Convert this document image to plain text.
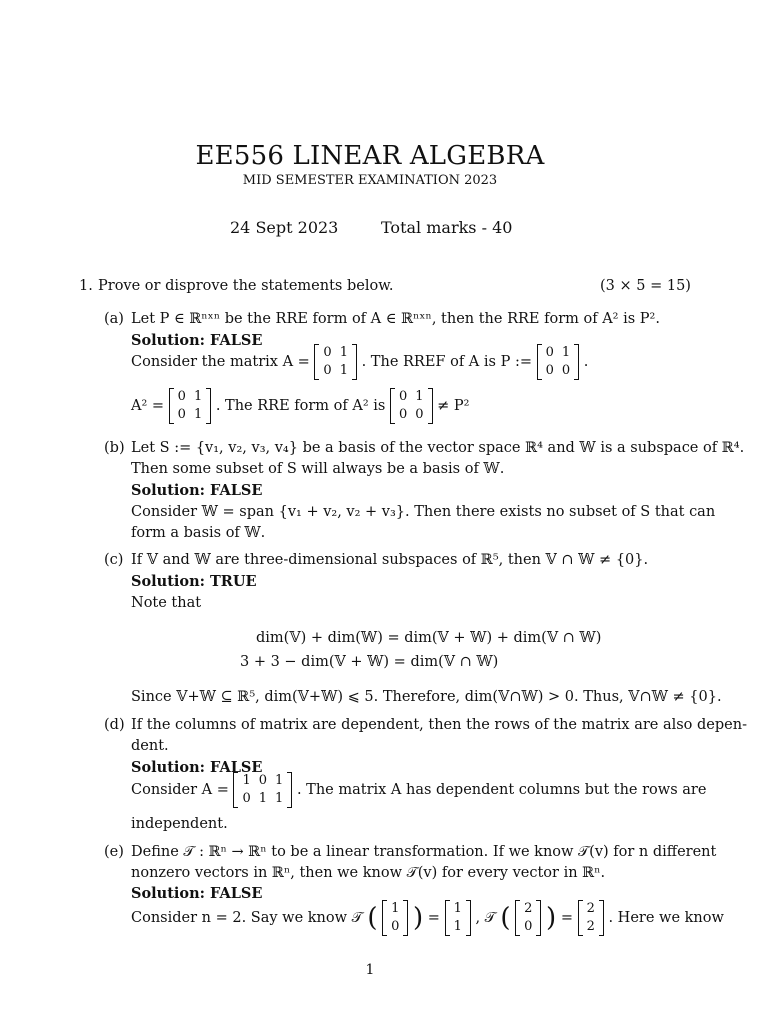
EE556 LINEAR ALGEBRA
MID SEMESTER EXAMINATION 2023
24 Sept 2023	Total marks - 40
1. Prove or disprove the statements below.	(3 × 5 = 15)
(a) Let P ∈ ℝⁿˣⁿ be the RRE form of A ∈ ℝⁿˣⁿ, then the RRE form of A² is P².
Solution: FALSE
Consider the matrix A =
0	1
0	1
. The RREF of A is P :=
0	1
0	0
.
A² =
0	1
0	1
. The RRE form of A² is
0	1
0	0
≠ P²
(b) Let S := {v₁, v₂, v₃, v₄} be a basis of the vector space ℝ⁴ and 𝕎 is a subspace of ℝ⁴.
Then some subset of S will always be a basis of 𝕎.
Solution: FALSE
Consider 𝕎 = span {v₁ + v₂, v₂ + v₃}. Then there exists no subset of S that can
form a basis of 𝕎.
(c) If 𝕍 and 𝕎 are three-dimensional subspaces of ℝ⁵, then 𝕍 ∩ 𝕎 ≠ {0}.
Solution: TRUE
Note that
dim(𝕍) + dim(𝕎) = dim(𝕍 + 𝕎) + dim(𝕍 ∩ 𝕎)
3 + 3 − dim(𝕍 + 𝕎) = dim(𝕍 ∩ 𝕎)
Since 𝕍+𝕎 ⊆ ℝ⁵, dim(𝕍+𝕎) ⩽ 5. Therefore, dim(𝕍∩𝕎) > 0. Thus, 𝕍∩𝕎 ≠ {0}.
(d) If the columns of matrix are dependent, then the rows of the matrix are also depen-
dent.
Solution: FALSE
Consider A =
1	0	1
0	1	1
. The matrix A has dependent columns but the rows are
independent.
(e) Define 𝒯 : ℝⁿ → ℝⁿ to be a linear transformation. If we know 𝒯(v) for n different
nonzero vectors in ℝⁿ, then we know 𝒯(v) for every vector in ℝⁿ.
Solution: FALSE
Consider n = 2. Say we know 𝒯 ( 1
0 ) =
1
1
, 𝒯 ( 2
0 ) =
2
2
. Here we know
1
